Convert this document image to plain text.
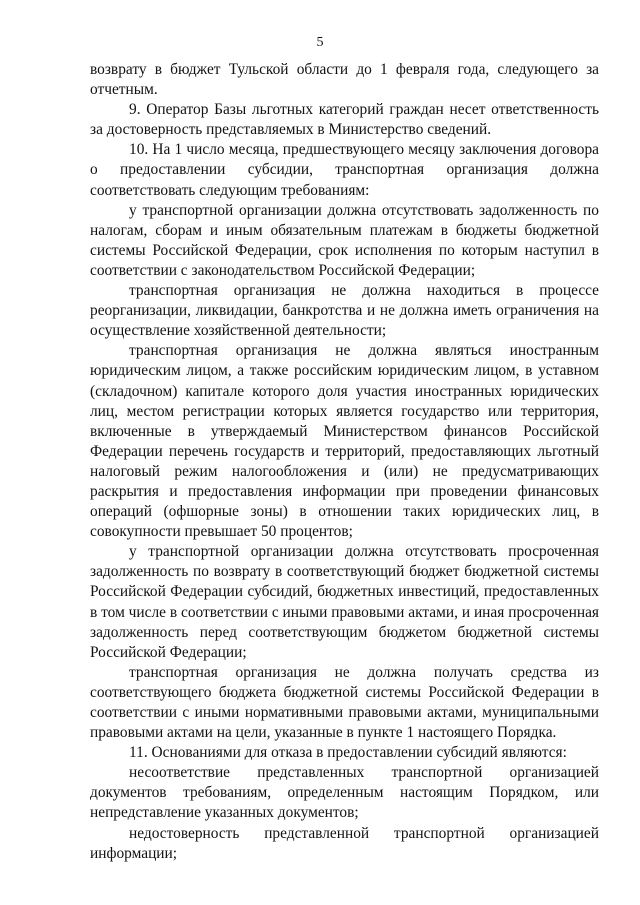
5

возврату в бюджет Тульской области до 1 февраля года, следующего за отчетным.

9. Оператор Базы льготных категорий граждан несет ответственность за достоверность представляемых в Министерство сведений.

10. На 1 число месяца, предшествующего месяцу заключения договора о предоставлении субсидии, транспортная организация должна соответствовать следующим требованиям:

у транспортной организации должна отсутствовать задолженность по налогам, сборам и иным обязательным платежам в бюджеты бюджетной системы Российской Федерации, срок исполнения по которым наступил в соответствии с законодательством Российской Федерации;

транспортная организация не должна находиться в процессе реорганизации, ликвидации, банкротства и не должна иметь ограничения на осуществление хозяйственной деятельности;

транспортная организация не должна являться иностранным юридическим лицом, а также российским юридическим лицом, в уставном (складочном) капитале которого доля участия иностранных юридических лиц, местом регистрации которых является государство или территория, включенные в утверждаемый Министерством финансов Российской Федерации перечень государств и территорий, предоставляющих льготный налоговый режим налогообложения и (или) не предусматривающих раскрытия и предоставления информации при проведении финансовых операций (офшорные зоны) в отношении таких юридических лиц, в совокупности превышает 50 процентов;

у транспортной организации должна отсутствовать просроченная задолженность по возврату в соответствующий бюджет бюджетной системы Российской Федерации субсидий, бюджетных инвестиций, предоставленных в том числе в соответствии с иными правовыми актами, и иная просроченная задолженность перед соответствующим бюджетом бюджетной системы Российской Федерации;

транспортная организация не должна получать средства из соответствующего бюджета бюджетной системы Российской Федерации в соответствии с иными нормативными правовыми актами, муниципальными правовыми актами на цели, указанные в пункте 1 настоящего Порядка.

11. Основаниями для отказа в предоставлении субсидий являются:

несоответствие представленных транспортной организацией документов требованиям, определенным настоящим Порядком, или непредставление указанных документов;

недостоверность представленной транспортной организацией информации;
